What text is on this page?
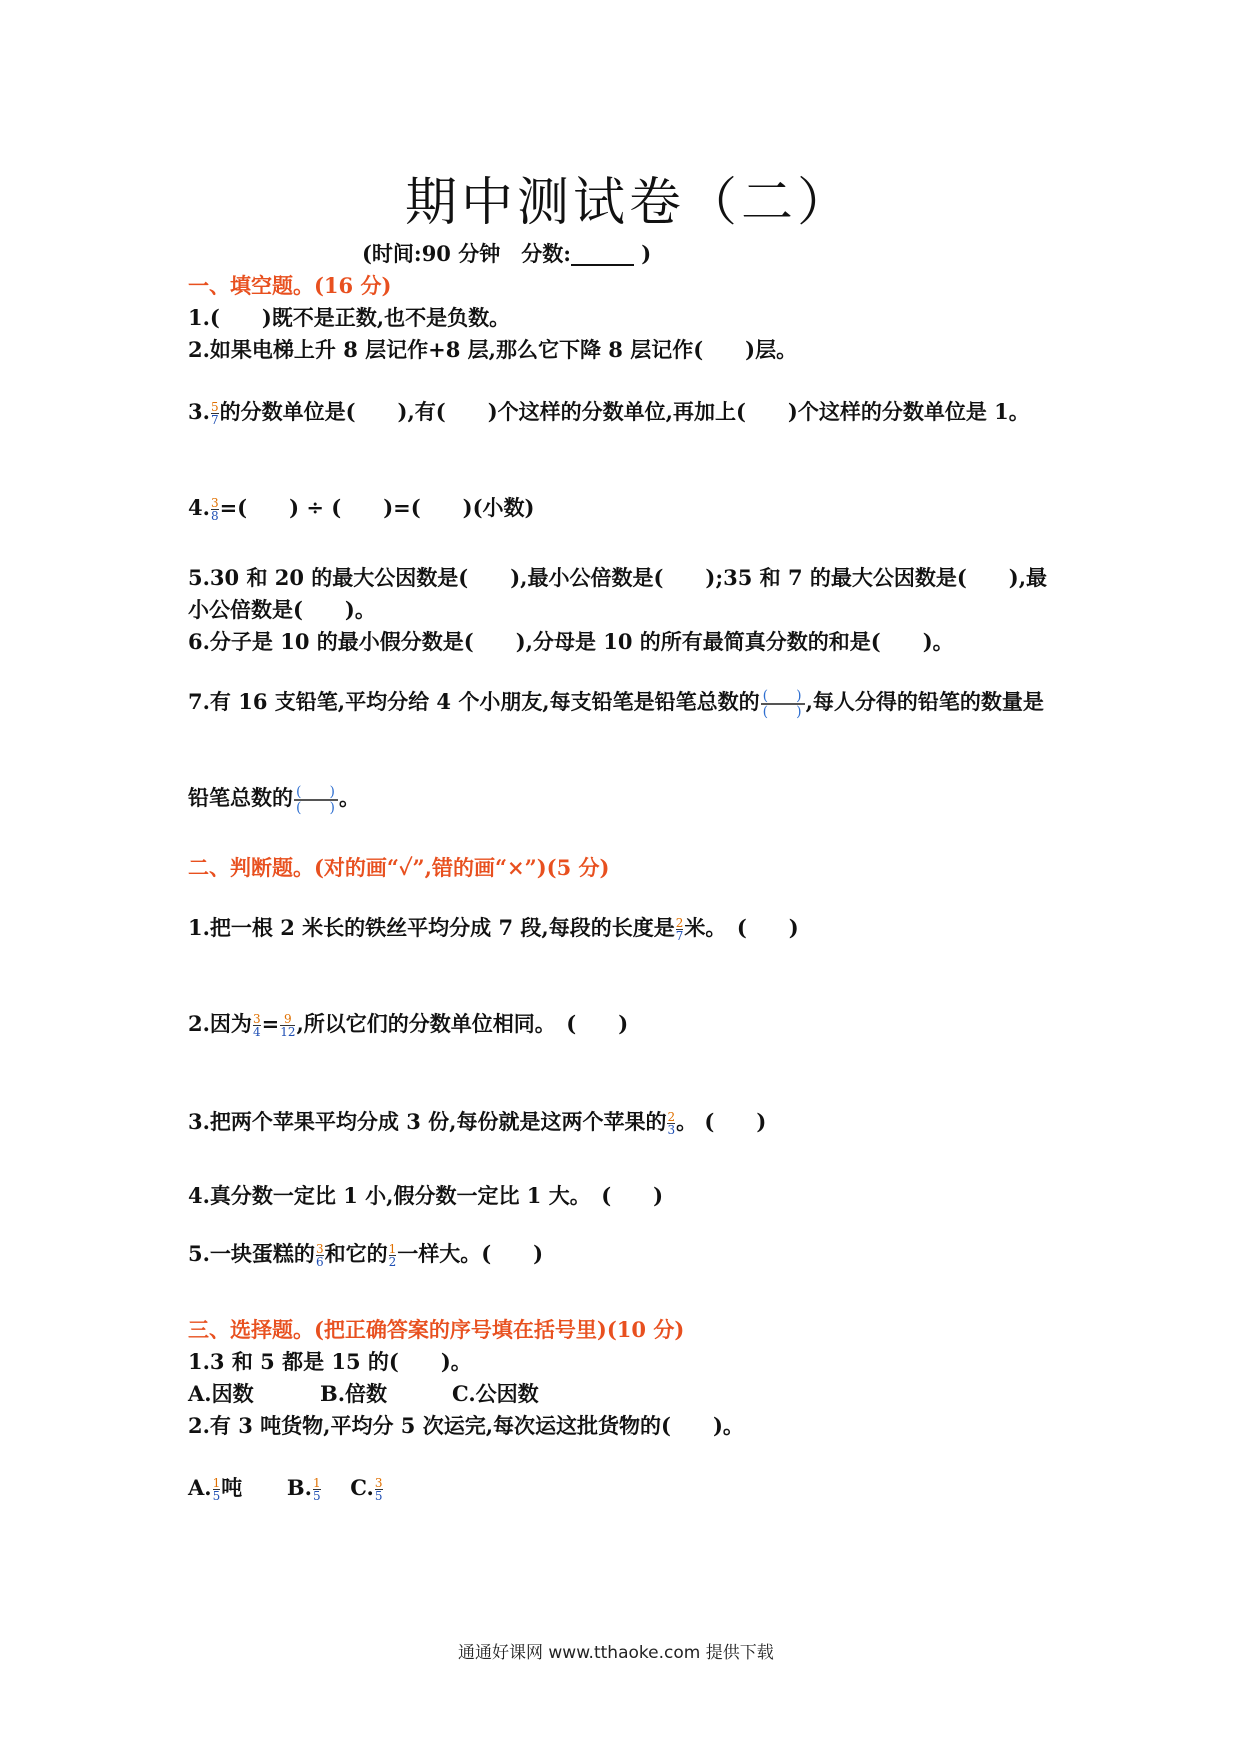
期中测试卷（二）
(时间:90 分钟　分数:______ )
一、填空题。(16 分)
1.(　　)既不是正数,也不是负数。
2.如果电梯上升 8 层记作+8 层,那么它下降 8 层记作(　　)层。
3. $\frac{5}{7}$ 的分数单位是(　　),有(　　)个这样的分数单位,再加上(　　)个这样的分数单位是 1。
4. $\frac{3}{8}$ =(　　) ÷ (　　)=(　　)(小数)
5.30 和 20 的最大公因数是(　　),最小公倍数是(　　);35 和 7 的最大公因数是(　　),最
小公倍数是(　　)。
6.分子是 10 的最小假分数是(　　),分母是 10 的所有最简真分数的和是(　　)。
7.有 16 支铅笔,平均分给 4 个小朋友,每支铅笔是铅笔总数的 $\frac{( )}{( )}$ ,每人分得的铅笔的数量是
铅笔总数的 $\frac{( )}{( )}$ 。
二、判断题。(对的画“✓”,错的画“×”)(5 分)
1.把一根 2 米长的铁丝平均分成 7 段,每段的长度是 $\frac{2}{7}$ 米。　(　　)
2.因为 $\frac{3}{4} = \frac{9}{12}$ ,所以它们的分数单位相同。　(　　)
3.把两个苹果平均分成 3 份,每份就是这两个苹果的 $\frac{2}{3}$ 。 (　　)
4.真分数一定比 1 小,假分数一定比 1 大。　(　　)
5.一块蛋糕的 $\frac{3}{6}$ 和它的 $\frac{1}{2}$ 一样大。(　　)
三、选择题。(把正确答案的序号填在括号里)(10 分)
1.3 和 5 都是 15 的(　　)。
A.因数	B.倍数	C.公因数
2.有 3 吨货物,平均分 5 次运完,每次运这批货物的(　　)。
A. $\frac{1}{5}$ 吨 B. $\frac{1}{5} C$. $\frac{3}{5}$
通通好课网 www.tthaoke.com 提供下载
